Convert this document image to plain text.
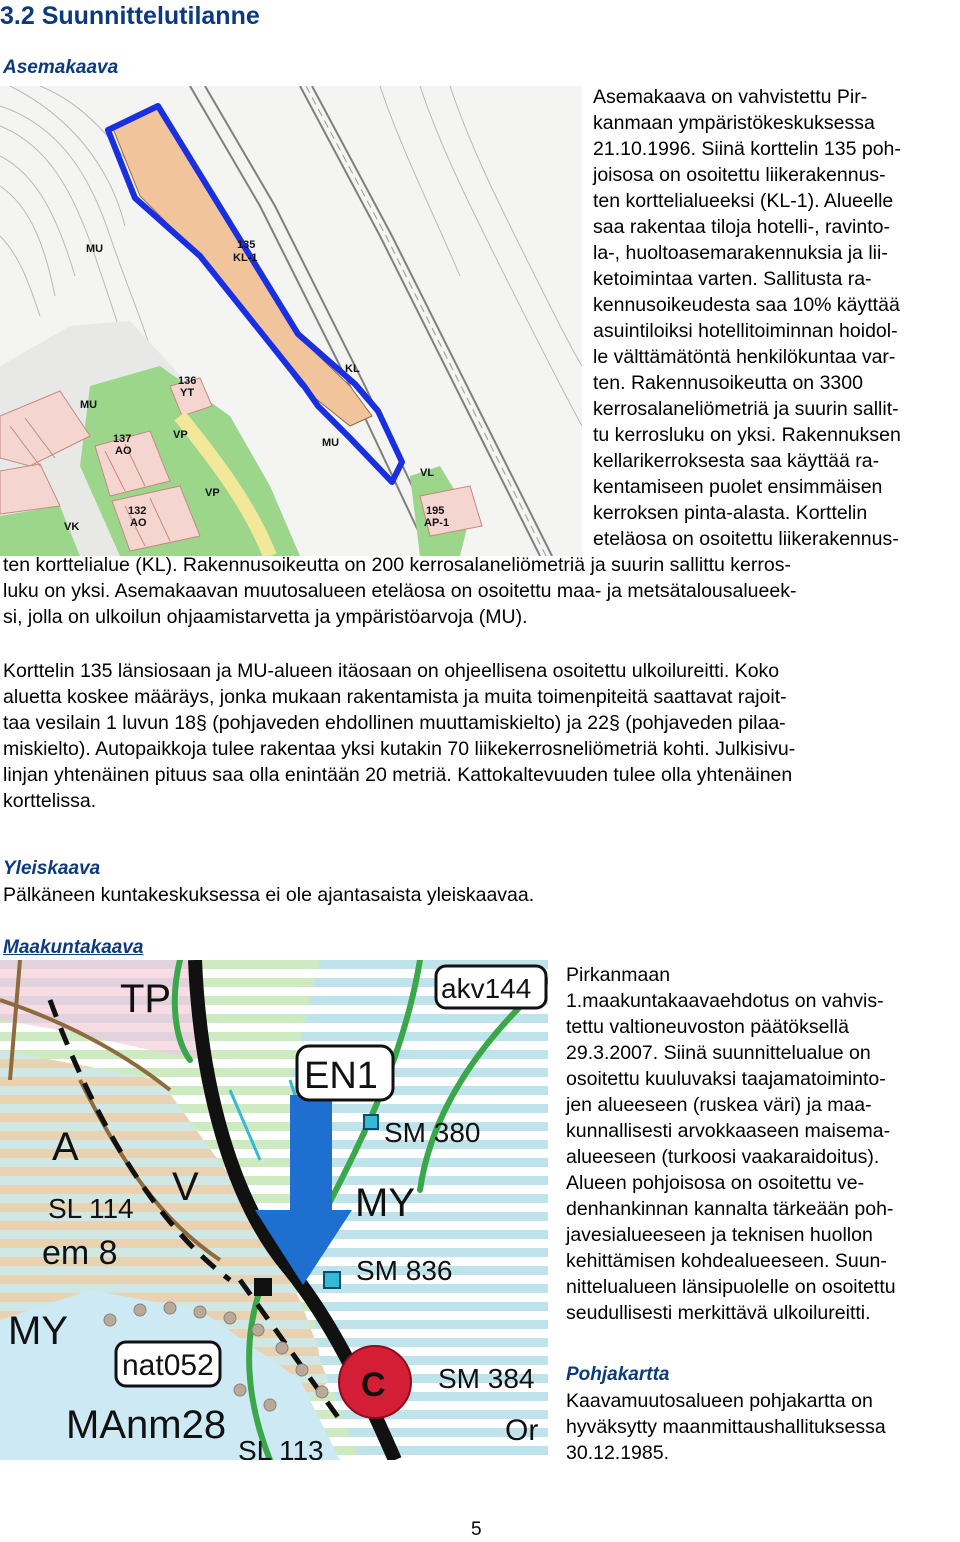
3.2 Suunnittelutilanne
Asemakaava
135
KL-1
136
YT
137
AO
132
AO
195
AP-1
MU
MU
MU
VP
VP
VK
VL
KL
Asemakaava on vahvistettu Pir-
kanmaan ympäristökeskuksessa
21.10.1996. Siinä korttelin 135 poh-
joisosa on osoitettu liikerakennus-
ten korttelialueeksi (KL-1). Alueelle
saa rakentaa tiloja hotelli-, ravinto-
la-, huoltoasemarakennuksia ja lii-
ketoimintaa varten. Sallitusta ra-
kennusoikeudesta saa 10% käyttää
asuintiloiksi hotellitoiminnan hoidol-
le välttämätöntä henkilökuntaa var-
ten. Rakennusoikeutta on 3300
kerrosalaneliömetriä ja suurin sallit-
tu kerrosluku on yksi. Rakennuksen
kellarikerroksesta saa käyttää ra-
kentamiseen puolet ensimmäisen
kerroksen pinta-alasta. Korttelin
eteläosa on osoitettu liikerakennus-
ten korttelialue (KL). Rakennusoikeutta on 200 kerrosalaneliömetriä ja suurin sallittu kerros-
luku on yksi. Asemakaavan muutosalueen eteläosa on osoitettu maa- ja metsätalousalueek-
si, jolla on ulkoilun ohjaamistarvetta ja ympäristöarvoja (MU).
Korttelin 135 länsiosaan ja MU-alueen itäosaan on ohjeellisena osoitettu ulkoilureitti. Koko
aluetta koskee määräys, jonka mukaan rakentamista ja muita toimenpiteitä saattavat rajoit-
taa vesilain 1 luvun 18§ (pohjaveden ehdollinen muuttamiskielto) ja 22§ (pohjaveden pilaa-
miskielto). Autopaikkoja tulee rakentaa yksi kutakin 70 liikekerrosneliömetriä kohti. Julkisivu-
linjan yhtenäinen pituus saa olla enintään 20 metriä. Kattokaltevuuden tulee olla yhtenäinen
korttelissa.
Yleiskaava
Pälkäneen kuntakeskuksessa ei ole ajantasaista yleiskaavaa.
Maakuntakaava
TP	akv144
EN1
SM 380
A
V	MY
SL 114
em 8	SM 836
MY
nat052
C SM 384
MAnm28
SL 113
Or
Pirkanmaan
1.maakuntakaavaehdotus on vahvis-
tettu valtioneuvoston päätöksellä
29.3.2007. Siinä suunnittelualue on
osoitettu kuuluvaksi taajamatoiminto-
jen alueeseen (ruskea väri) ja maa-
kunnallisesti arvokkaaseen maisema-
alueeseen (turkoosi vaakaraidoitus).
Alueen pohjoisosa on osoitettu ve-
denhankinnan kannalta tärkeään poh-
javesialueeseen ja teknisen huollon
kehittämisen kohdealueeseen. Suun-
nittelualueen länsipuolelle on osoitettu
seudullisesti merkittävä ulkoilureitti.
Pohjakartta
Kaavamuutosalueen pohjakartta on
hyväksytty maanmittaushallituksessa
30.12.1985.
5
